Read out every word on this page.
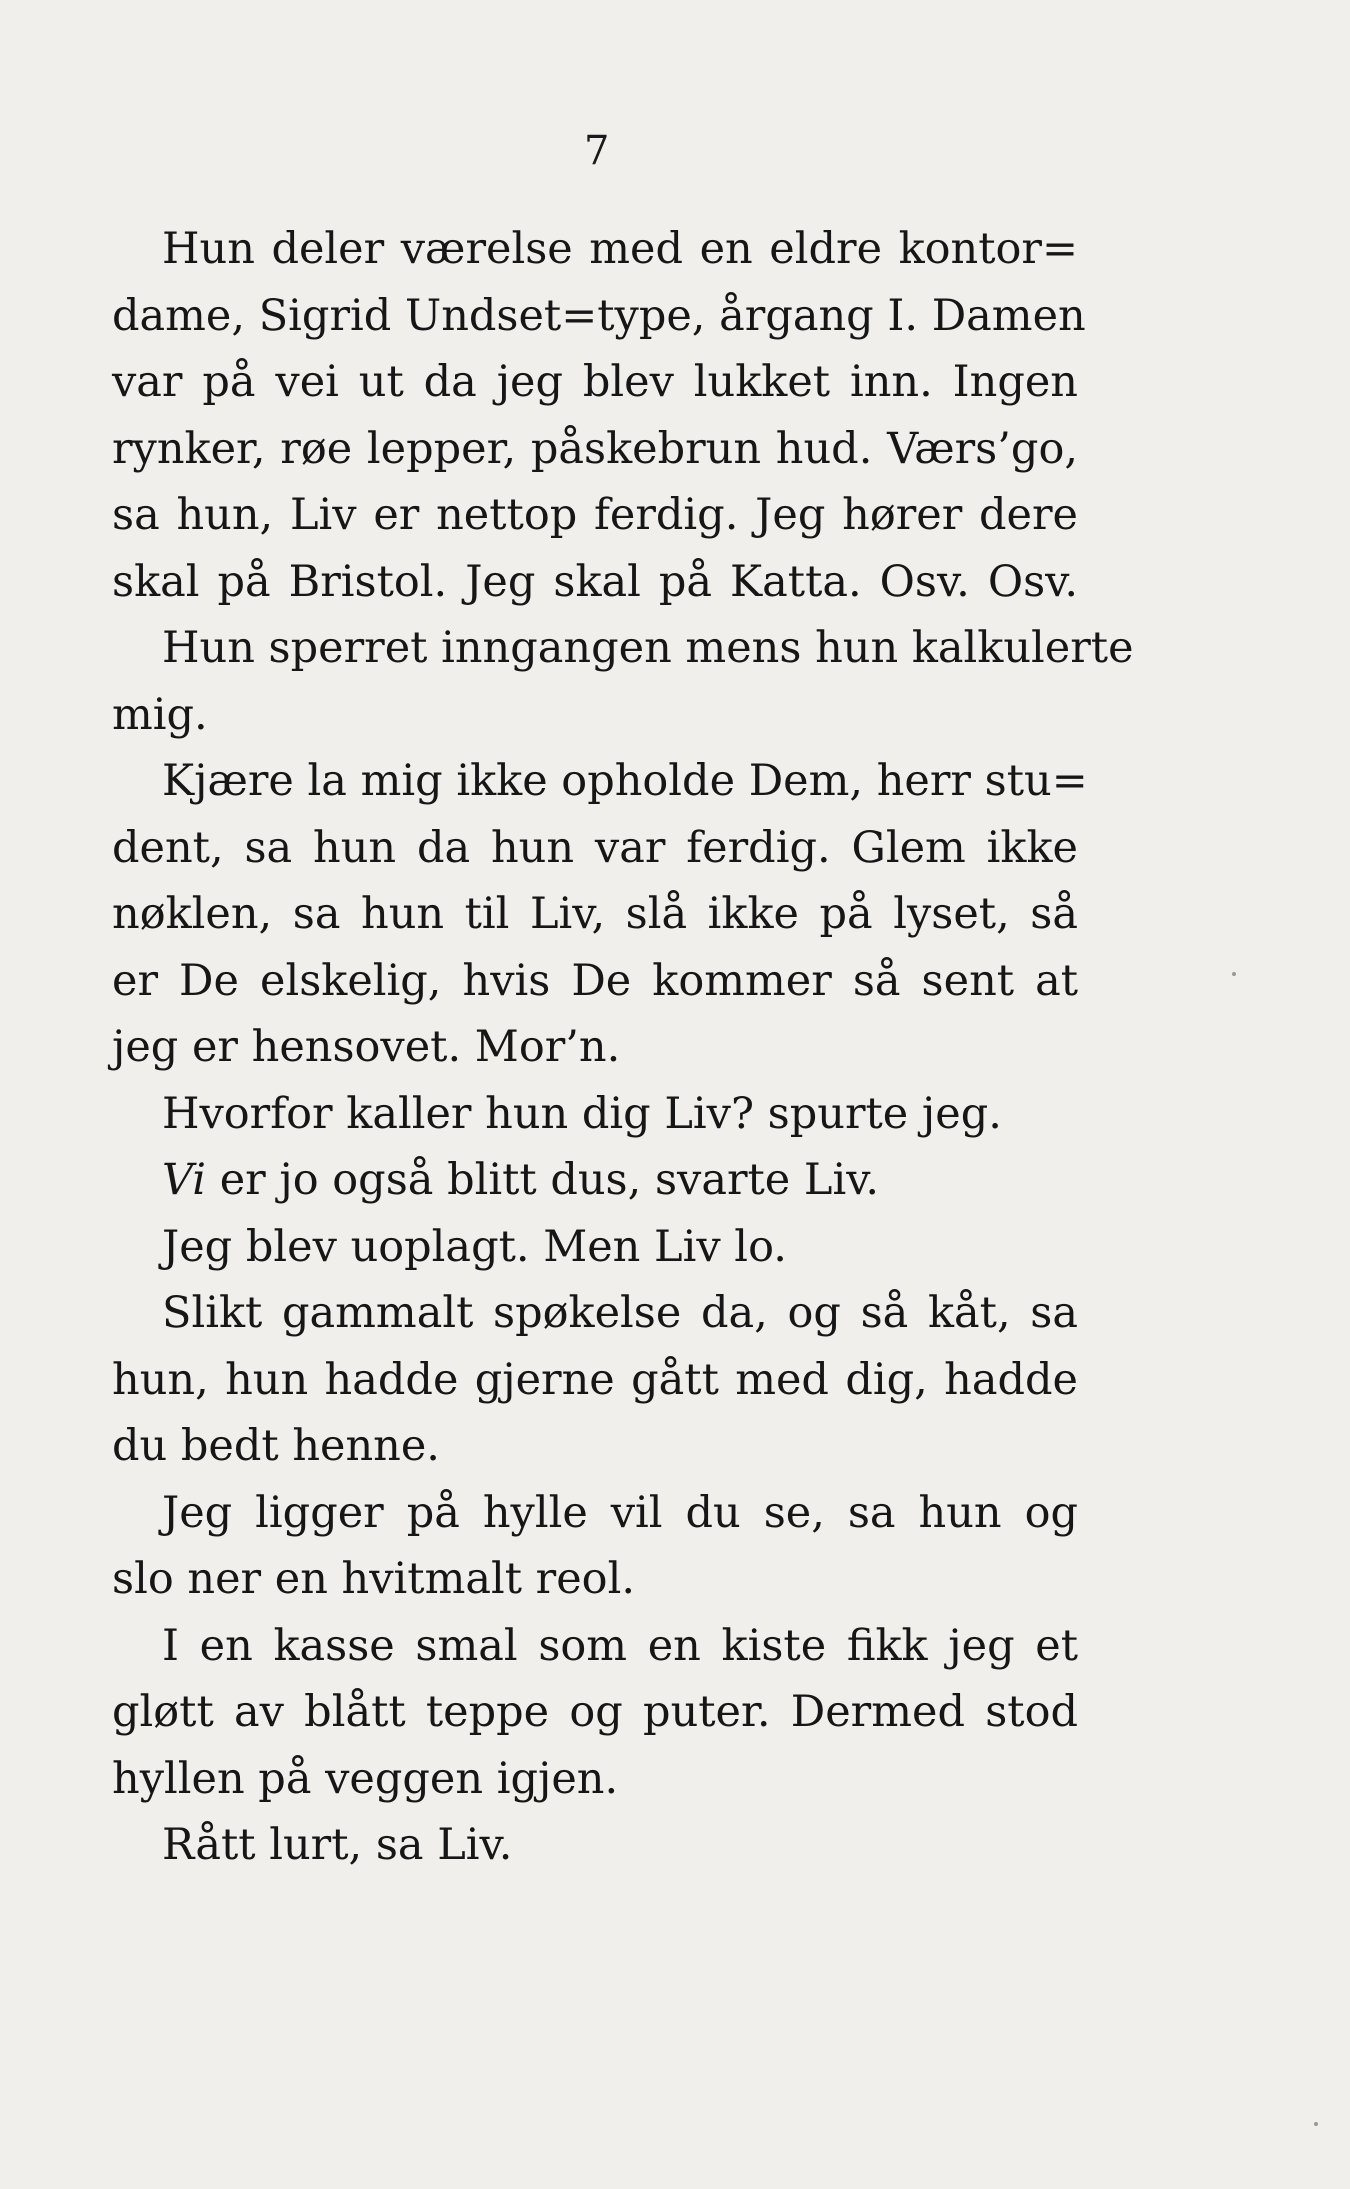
7
Hun deler værelse med en eldre kontor=
dame, Sigrid Undset=type, årgang I. Damen
var på vei ut da jeg blev lukket inn. Ingen
rynker, røe lepper, påskebrun hud. Værs’go,
sa hun, Liv er nettop ferdig. Jeg hører dere
skal på Bristol. Jeg skal på Katta. Osv. Osv.
Hun sperret inngangen mens hun kalkulerte
mig.
Kjære la mig ikke opholde Dem, herr stu=
dent, sa hun da hun var ferdig. Glem ikke
nøklen, sa hun til Liv, slå ikke på lyset, så
er De elskelig, hvis De kommer så sent at
jeg er hensovet. Mor’n.
Hvorfor kaller hun dig Liv? spurte jeg.
Vi er jo også blitt dus, svarte Liv.
Jeg blev uoplagt. Men Liv lo.
Slikt gammalt spøkelse da, og så kåt, sa
hun, hun hadde gjerne gått med dig, hadde
du bedt henne.
Jeg ligger på hylle vil du se, sa hun og
slo ner en hvitmalt reol.
I en kasse smal som en kiste fikk jeg et
gløtt av blått teppe og puter. Dermed stod
hyllen på veggen igjen.
Rått lurt, sa Liv.
